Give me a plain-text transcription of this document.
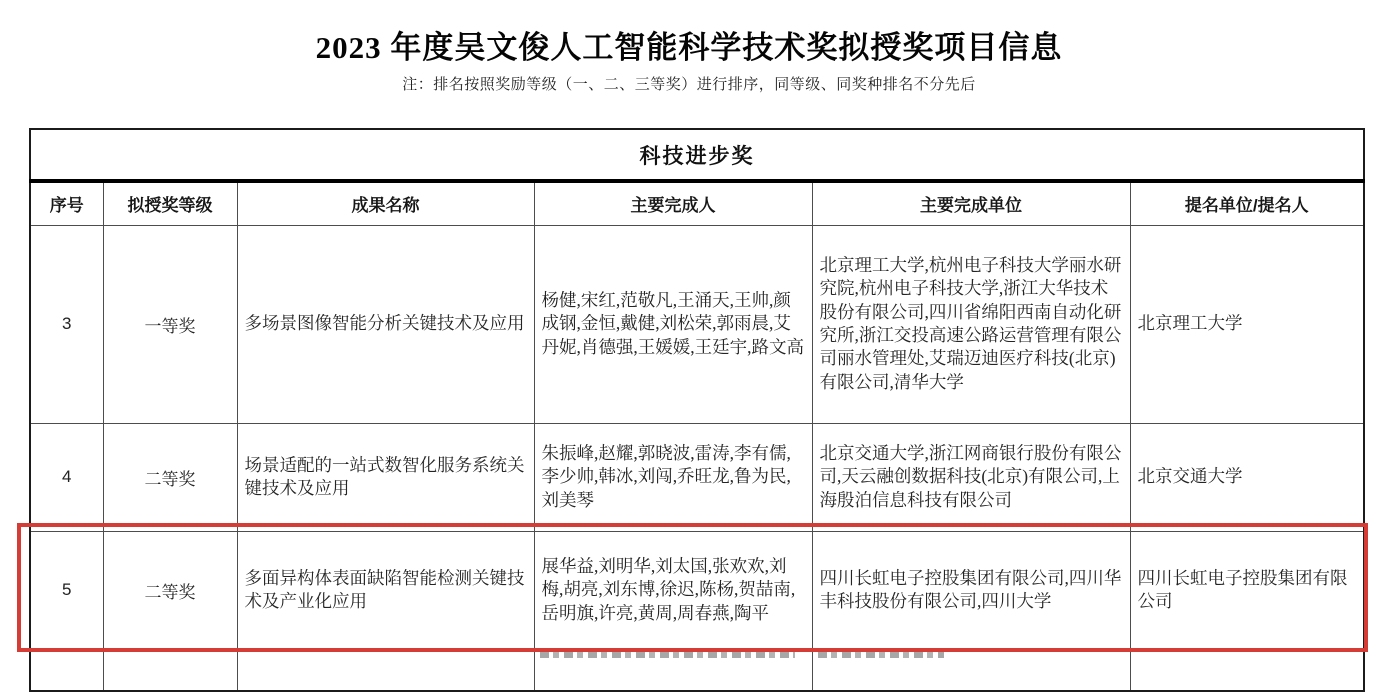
2023 年度吴文俊人工智能科学技术奖拟授奖项目信息
注：排名按照奖励等级（一、二、三等奖）进行排序，同等级、同奖种排名不分先后
科技进步奖					
序号	拟授奖等级	成果名称	主要完成人	主要完成单位	提名单位/提名人
3	一等奖	多场景图像智能分析关键技术及应用	杨健,宋红,范敬凡,王涌天,王帅,颜成钢,金恒,戴健,刘松荣,郭雨晨,艾丹妮,肖德强,王媛媛,王廷宇,路文高	北京理工大学,杭州电子科技大学丽水研究院,杭州电子科技大学,浙江大华技术股份有限公司,四川省绵阳西南自动化研究所,浙江交投高速公路运营管理有限公司丽水管理处,艾瑞迈迪医疗科技(北京)有限公司,清华大学	北京理工大学
4	二等奖	场景适配的一站式数智化服务系统关键技术及应用	朱振峰,赵耀,郭晓波,雷涛,李有儒,李少帅,韩冰,刘闯,乔旺龙,鲁为民,刘美琴	北京交通大学,浙江网商银行股份有限公司,天云融创数据科技(北京)有限公司,上海殷泊信息科技有限公司	北京交通大学
5	二等奖	多面异构体表面缺陷智能检测关键技术及产业化应用	展华益,刘明华,刘太国,张欢欢,刘梅,胡亮,刘东博,徐迟,陈杨,贺喆南,岳明旗,许亮,黄周,周春燕,陶平	四川长虹电子控股集团有限公司,四川华丰科技股份有限公司,四川大学	四川长虹电子控股集团有限公司
